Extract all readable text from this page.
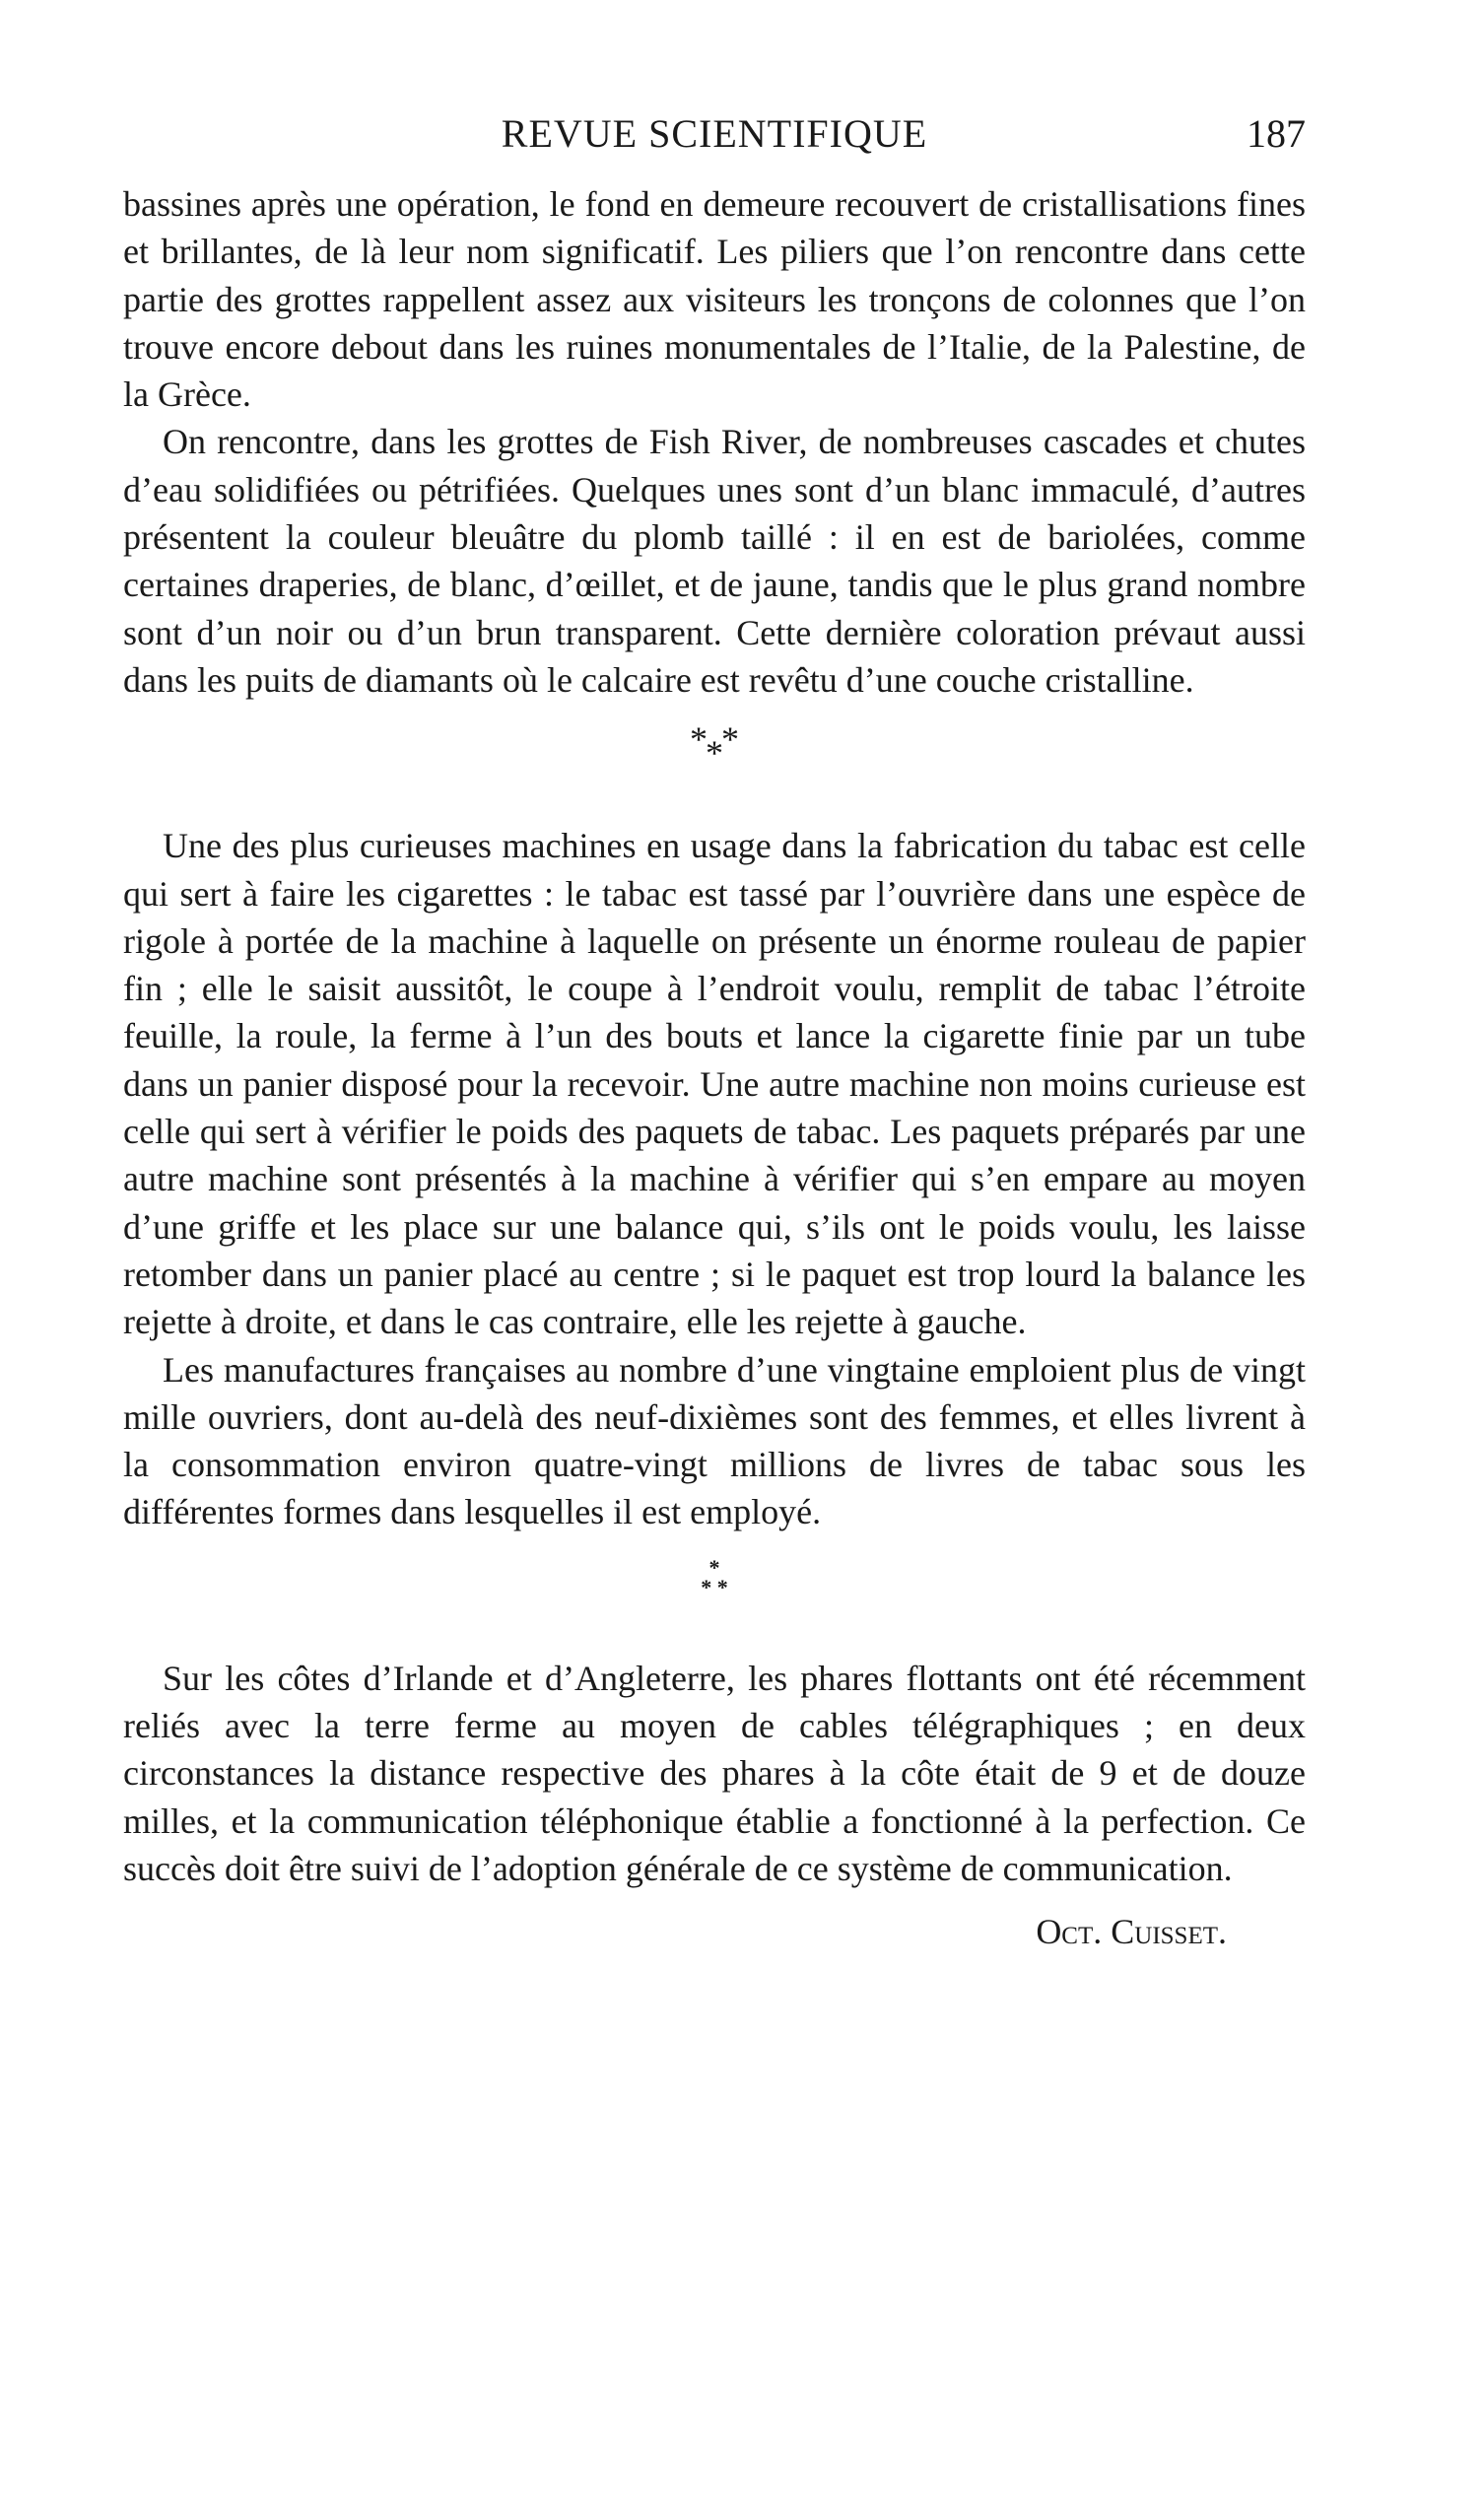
REVUE SCIENTIFIQUE	187

bassines après une opération, le fond en demeure recouvert de cristallisations fines et brillantes, de là leur nom significatif. Les piliers que l’on rencontre dans cette partie des grottes rappellent assez aux visiteurs les tronçons de colonnes que l’on trouve encore debout dans les ruines monumentales de l’Italie, de la Palestine, de la Grèce.

On rencontre, dans les grottes de Fish River, de nombreuses cascades et chutes d’eau solidifiées ou pétrifiées. Quelques unes sont d’un blanc immaculé, d’autres présentent la couleur bleuâtre du plomb taillé : il en est de bariolées, comme certaines draperies, de blanc, d’œillet, et de jaune, tandis que le plus grand nombre sont d’un noir ou d’un brun transparent. Cette dernière coloration prévaut aussi dans les puits de diamants où le calcaire est revêtu d’une couche cristalline.

***

Une des plus curieuses machines en usage dans la fabrication du tabac est celle qui sert à faire les cigarettes : le tabac est tassé par l’ouvrière dans une espèce de rigole à portée de la machine à laquelle on présente un énorme rouleau de papier fin ; elle le saisit aussitôt, le coupe à l’endroit voulu, remplit de tabac l’étroite feuille, la roule, la ferme à l’un des bouts et lance la cigarette finie par un tube dans un panier disposé pour la recevoir. Une autre machine non moins curieuse est celle qui sert à vérifier le poids des paquets de tabac. Les paquets préparés par une autre machine sont présentés à la machine à vérifier qui s’en empare au moyen d’une griffe et les place sur une balance qui, s’ils ont le poids voulu, les laisse retomber dans un panier placé au centre ; si le paquet est trop lourd la balance les rejette à droite, et dans le cas contraire, elle les rejette à gauche.

Les manufactures françaises au nombre d’une vingtaine emploient plus de vingt mille ouvriers, dont au-delà des neuf-dixièmes sont des femmes, et elles livrent à la consommation environ quatre-vingt millions de livres de tabac sous les différentes formes dans lesquelles il est employé.

*
* *

Sur les côtes d’Irlande et d’Angleterre, les phares flottants ont été récemment reliés avec la terre ferme au moyen de cables télégraphiques ; en deux circonstances la distance respective des phares à la côte était de 9 et de douze milles, et la communication téléphonique établie a fonctionné à la perfection. Ce succès doit être suivi de l’adoption générale de ce système de communication.

Oct. Cuisset.
